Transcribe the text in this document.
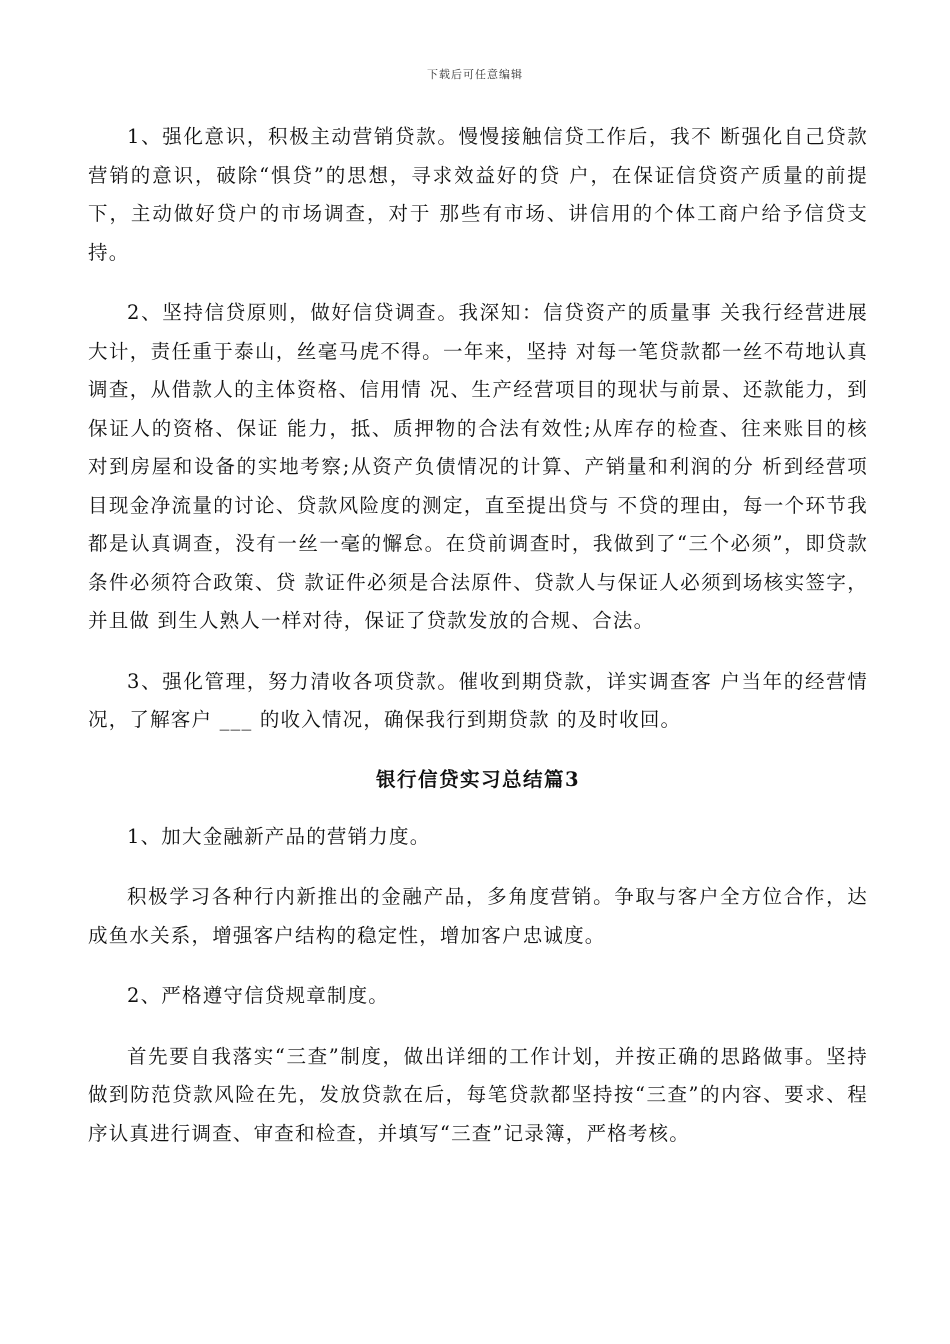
下载后可任意编辑

1、强化意识，积极主动营销贷款。慢慢接触信贷工作后，我不 断强化自己贷款营销的意识，破除“惧贷”的思想，寻求效益好的贷 户，在保证信贷资产质量的前提下，主动做好贷户的市场调查，对于 那些有市场、讲信用的个体工商户给予信贷支持。

2、坚持信贷原则，做好信贷调查。我深知：信贷资产的质量事 关我行经营进展大计，责任重于泰山，丝毫马虎不得。一年来，坚持 对每一笔贷款都一丝不苟地认真调查，从借款人的主体资格、信用情 况、生产经营项目的现状与前景、还款能力，到保证人的资格、保证 能力，抵、质押物的合法有效性;从库存的检查、往来账目的核对到房屋和设备的实地考察;从资产负债情况的计算、产销量和利润的分 析到经营项目现金净流量的讨论、贷款风险度的测定，直至提出贷与 不贷的理由，每一个环节我都是认真调查，没有一丝一毫的懈怠。在贷前调查时，我做到了“三个必须”，即贷款条件必须符合政策、贷 款证件必须是合法原件、贷款人与保证人必须到场核实签字，并且做 到生人熟人一样对待，保证了贷款发放的合规、合法。

3、强化管理，努力清收各项贷款。催收到期贷款，详实调查客 户当年的经营情况，了解客户 ___ 的收入情况，确保我行到期贷款 的及时收回。

银行信贷实习总结篇3

1、加大金融新产品的营销力度。

积极学习各种行内新推出的金融产品，多角度营销。争取与客户全方位合作，达成鱼水关系，增强客户结构的稳定性，增加客户忠诚度。

2、严格遵守信贷规章制度。

首先要自我落实“三查”制度，做出详细的工作计划，并按正确的思路做事。坚持做到防范贷款风险在先，发放贷款在后，每笔贷款都坚持按“三查”的内容、要求、程序认真进行调查、审查和检查，并填写“三查”记录簿，严格考核。
